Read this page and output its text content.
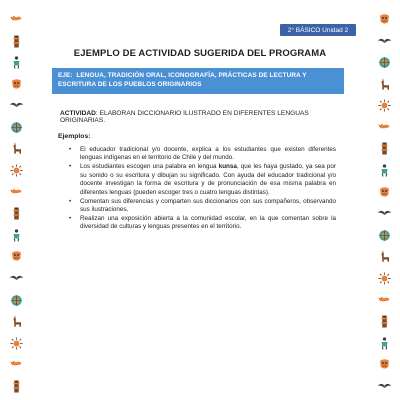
2° BÁSICO Unidad 2
EJEMPLO DE ACTIVIDAD SUGERIDA DEL PROGRAMA
EJE: LENGUA, TRADICIÓN ORAL, ICONOGRAFÍA, PRÁCTICAS DE LECTURA Y ESCRITURA DE LOS PUEBLOS ORIGINARIOS
ACTIVIDAD: ELABORAN DICCIONARIO ILUSTRADO EN DIFERENTES LENGUAS ORIGINARIAS.
Ejemplos:
• El educador tradicional y/o docente, explica a los estudiantes que existen diferentes lenguas indígenas en el territorio de Chile y del mundo.
• Los estudiantes escogen una palabra en lengua kunsa, que les haya gustado, ya sea por su sonido o su escritura y dibujan su significado. Con ayuda del educador tradicional y/o docente investigan la forma de escritura y de pronunciación de esa misma palabra en diferentes lenguas (pueden escoger tres o cuatro lenguas distintas).
• Comentan sus diferencias y comparten sus diccionarios con sus compañeros, observando sus ilustraciones.
• Realizan una exposición abierta a la comunidad escolar, en la que comentan sobre la diversidad de culturas y lenguas presentes en el territorio.
